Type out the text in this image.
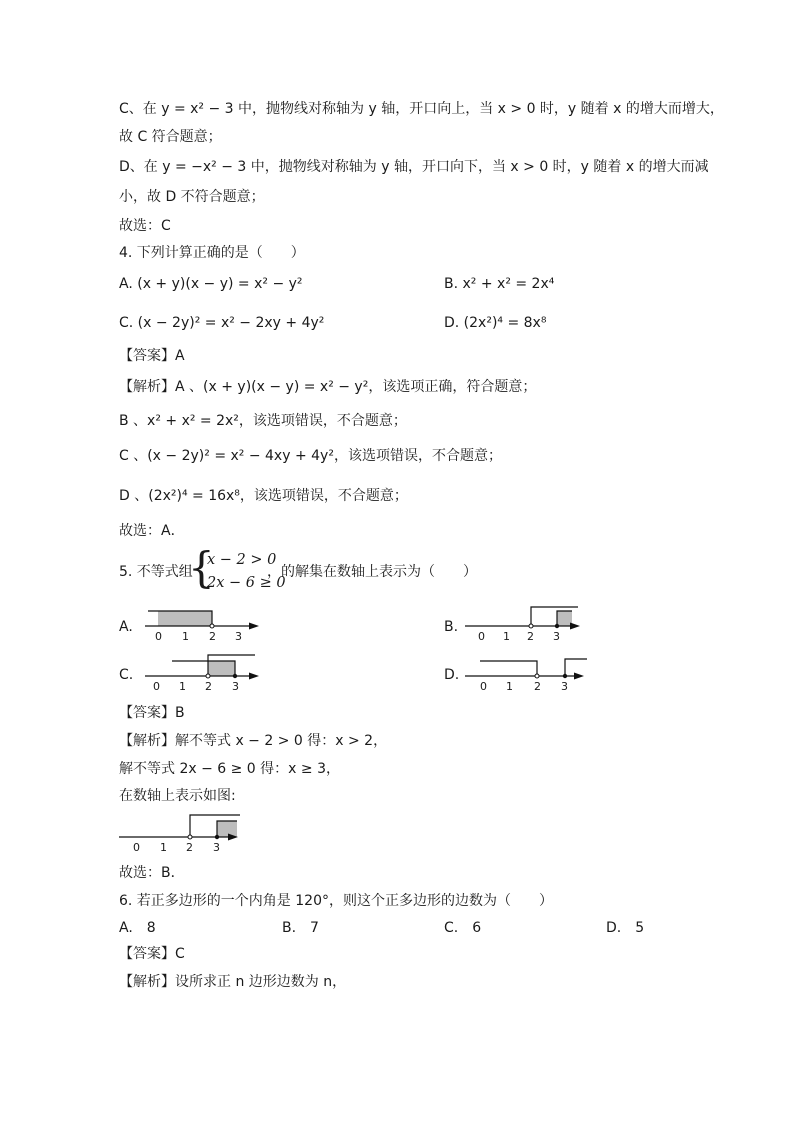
C、在 y = x² − 3 中，抛物线对称轴为 y 轴，开口向上，当 x > 0 时，y 随着 x 的增大而增大，
故 C 符合题意；
D、在 y = −x² − 3 中，抛物线对称轴为 y 轴，开口向下，当 x > 0 时，y 随着 x 的增大而减
小，故 D 不符合题意；
故选：C
4. 下列计算正确的是（　　）
A. (x + y)(x − y) = x² − y²	B. x² + x² = 2x⁴
C. (x − 2y)² = x² − 2xy + 4y²	D. (2x²)⁴ = 8x⁸
【答案】A
【解析】A 、(x + y)(x − y) = x² − y²，该选项正确，符合题意；
B 、x² + x² = 2x²，该选项错误，不合题意；
C 、(x − 2y)² = x² − 4xy + 4y²，该选项错误，不合题意；
D 、(2x²)⁴ = 16x⁸，该选项错误，不合题意；
故选：A．
5. 不等式组
{
x − 2 > 0
2x − 6 ≥ 0
，的解集在数轴上表示为（　　）
A.
0 1 2 3
B.
0 1 2 3
C.
0 1 2 3
D.
0 1 2 3
【答案】B
【解析】解不等式 x − 2 > 0 得：x > 2，
解不等式 2x − 6 ≥ 0 得：x ≥ 3，
在数轴上表示如图:
0 1 2 3
故选：B．
6. 若正多边形的一个内角是 120°，则这个正多边形的边数为（　　）
A.　8	B.　7	C.　6	D.　5
【答案】C
【解析】设所求正 n 边形边数为 n，
